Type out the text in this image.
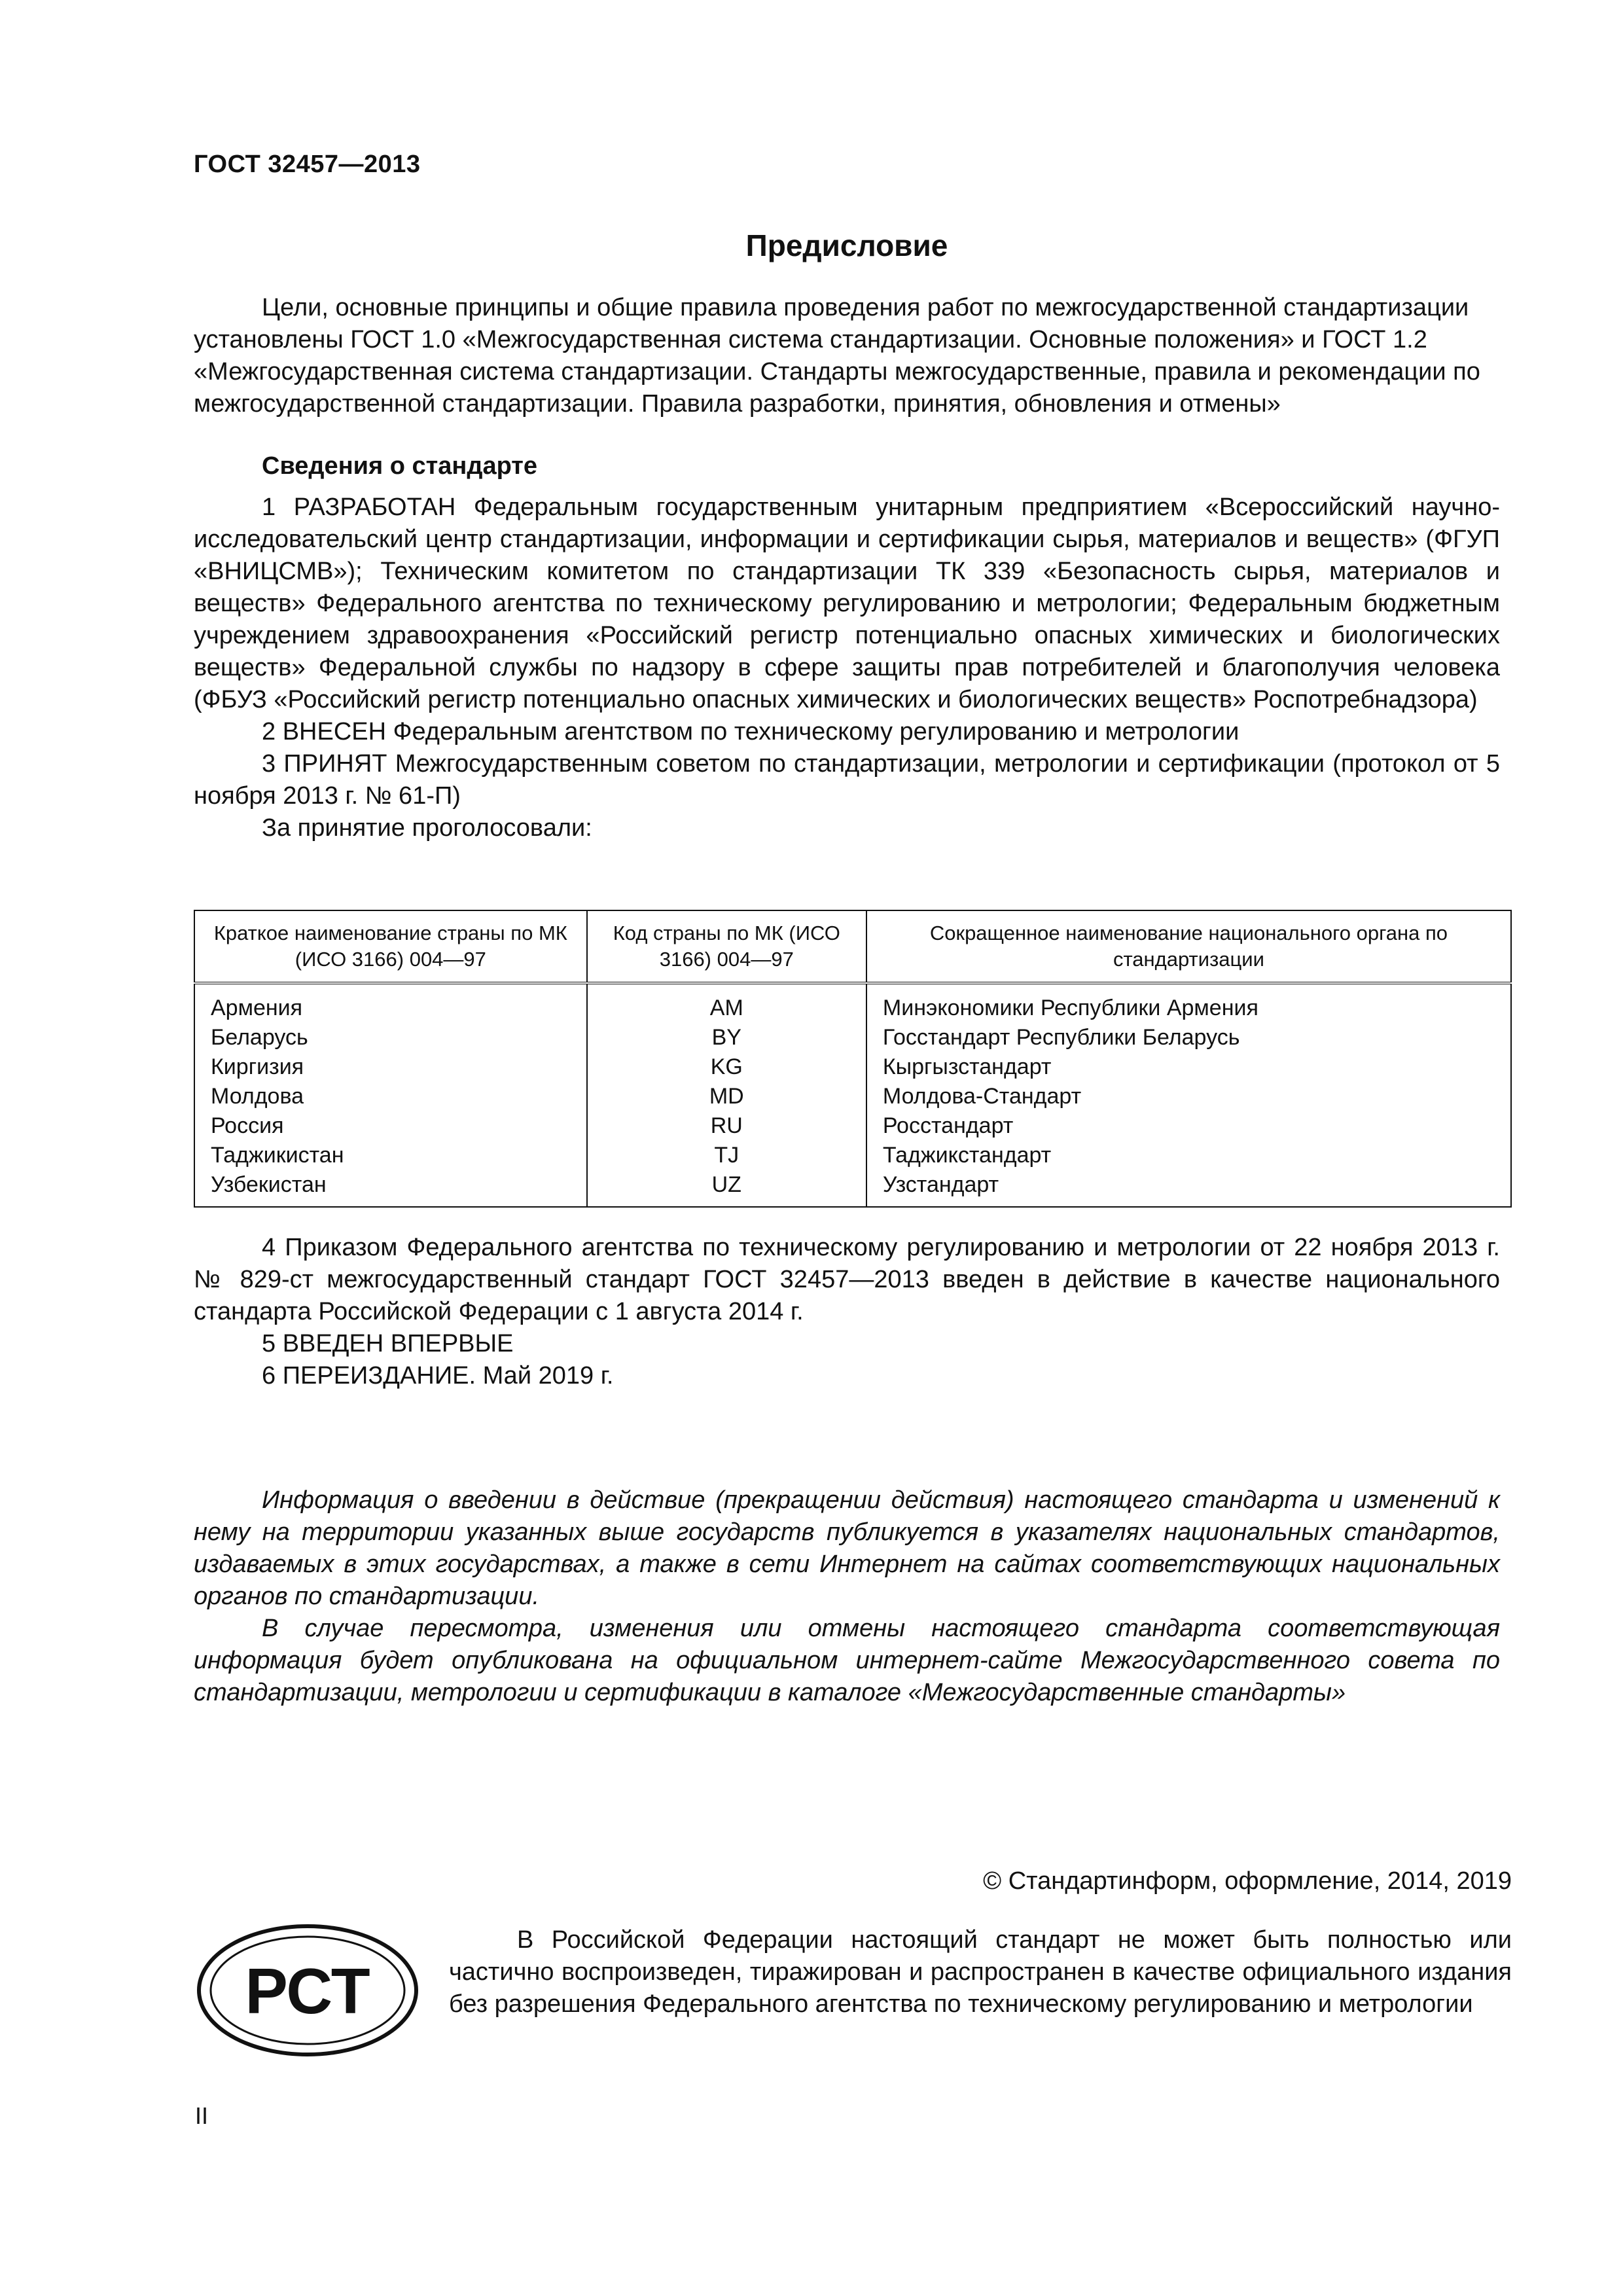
ГОСТ 32457—2013
Предисловие

Цели, основные принципы и общие правила проведения работ по межгосударственной стандартизации установлены ГОСТ 1.0 «Межгосударственная система стандартизации. Основные положения» и ГОСТ 1.2 «Межгосударственная система стандартизации. Стандарты межгосударственные, правила и рекомендации по межгосударственной стандартизации. Правила разработки, принятия, обновления и отмены»

Сведения о стандарте

1 РАЗРАБОТАН Федеральным государственным унитарным предприятием «Всероссийский научно-исследовательский центр стандартизации, информации и сертификации сырья, материалов и веществ» (ФГУП «ВНИЦСМВ»); Техническим комитетом по стандартизации ТК 339 «Безопасность сырья, материалов и веществ» Федерального агентства по техническому регулированию и метрологии; Федеральным бюджетным учреждением здравоохранения «Российский регистр потенциально опасных химических и биологических веществ» Федеральной службы по надзору в сфере защиты прав потребителей и благополучия человека (ФБУЗ «Российский регистр потенциально опасных химических и биологических веществ» Роспотребнадзора)

2 ВНЕСЕН Федеральным агентством по техническому регулированию и метрологии

3 ПРИНЯТ Межгосударственным советом по стандартизации, метрологии и сертификации (протокол от 5 ноября 2013 г. № 61-П)

За принятие проголосовали:

Краткое наименование страны по МК (ИСО 3166) 004—97	Код страны по МК (ИСО 3166) 004—97	Сокращенное наименование национального органа по стандартизации
Армения	AM	Минэкономики Республики Армения
Беларусь	BY	Госстандарт Республики Беларусь
Киргизия	KG	Кыргызстандарт
Молдова	MD	Молдова-Стандарт
Россия	RU	Росстандарт
Таджикистан	TJ	Таджикстандарт
Узбекистан	UZ	Узстандарт

4 Приказом Федерального агентства по техническому регулированию и метрологии от 22 ноября 2013 г. № 829-ст межгосударственный стандарт ГОСТ 32457—2013 введен в действие в качестве национального стандарта Российской Федерации с 1 августа 2014 г.

5 ВВЕДЕН ВПЕРВЫЕ

6 ПЕРЕИЗДАНИЕ. Май 2019 г.

Информация о введении в действие (прекращении действия) настоящего стандарта и изменений к нему на территории указанных выше государств публикуется в указателях национальных стандартов, издаваемых в этих государствах, а также в сети Интернет на сайтах соответствующих национальных органов по стандартизации.

В случае пересмотра, изменения или отмены настоящего стандарта соответствующая информация будет опубликована на официальном интернет-сайте Межгосударственного совета по стандартизации, метрологии и сертификации в каталоге «Межгосударственные стандарты»

© Стандартинформ, оформление, 2014, 2019
РСТ

В Российской Федерации настоящий стандарт не может быть полностью или частично воспроизведен, тиражирован и распространен в качестве официального издания без разрешения Федерального агентства по техническому регулированию и метрологии

II
